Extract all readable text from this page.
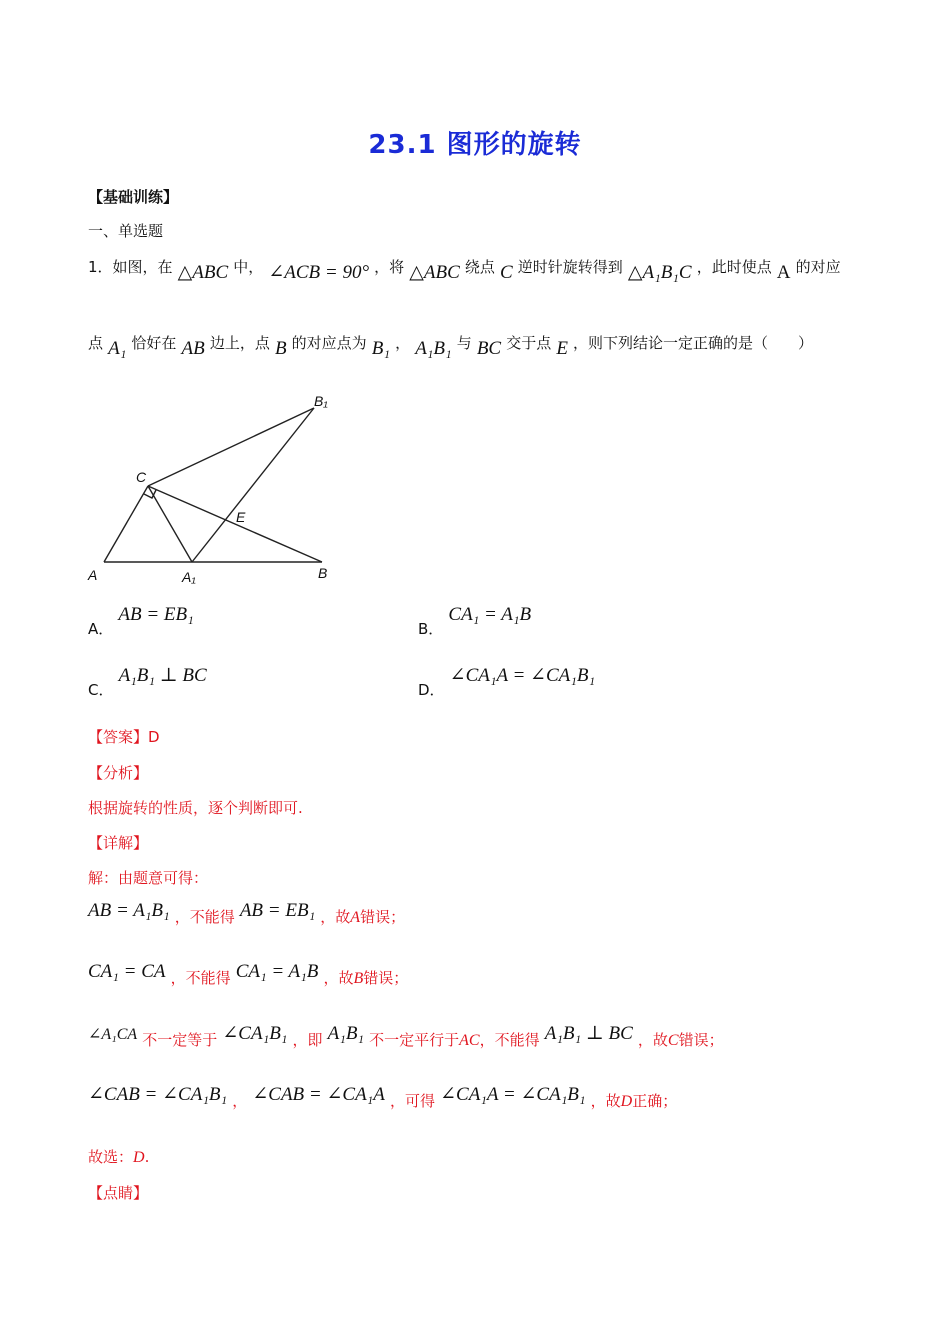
23.1 图形的旋转
【基础训练】
一、单选题
1．如图，在 △ABC 中， ∠ACB = 90° ，将 △ABC 绕点 C 逆时针旋转得到 △A₁B₁C ，此时使点 A 的对应
点 A₁ 恰好在 AB 边上，点 B 的对应点为 B₁ ， A₁B₁ 与 BC 交于点 E ，则下列结论一定正确的是（　　）
A	A₁	B
C
E
B₁
A． AB = EB₁
B． CA₁ = A₁B
C． A₁B₁ ⊥ BC
D． ∠CA₁A = ∠CA₁B₁
【答案】D
【分析】
根据旋转的性质，逐个判断即可.
【详解】
解：由题意可得：
AB = A₁B₁ ，不能得 AB = EB₁ ，故A错误；
CA₁ = CA ，不能得 CA₁ = A₁B ，故B错误；
∠A₁CA 不一定等于 ∠CA₁B₁ ，即 A₁B₁ 不一定平行于AC，不能得 A₁B₁ ⊥ BC ，故C错误；
∠CAB = ∠CA₁B₁ ， ∠CAB = ∠CA₁A ，可得 ∠CA₁A = ∠CA₁B₁ ，故D正确；
故选：D.
【点睛】
